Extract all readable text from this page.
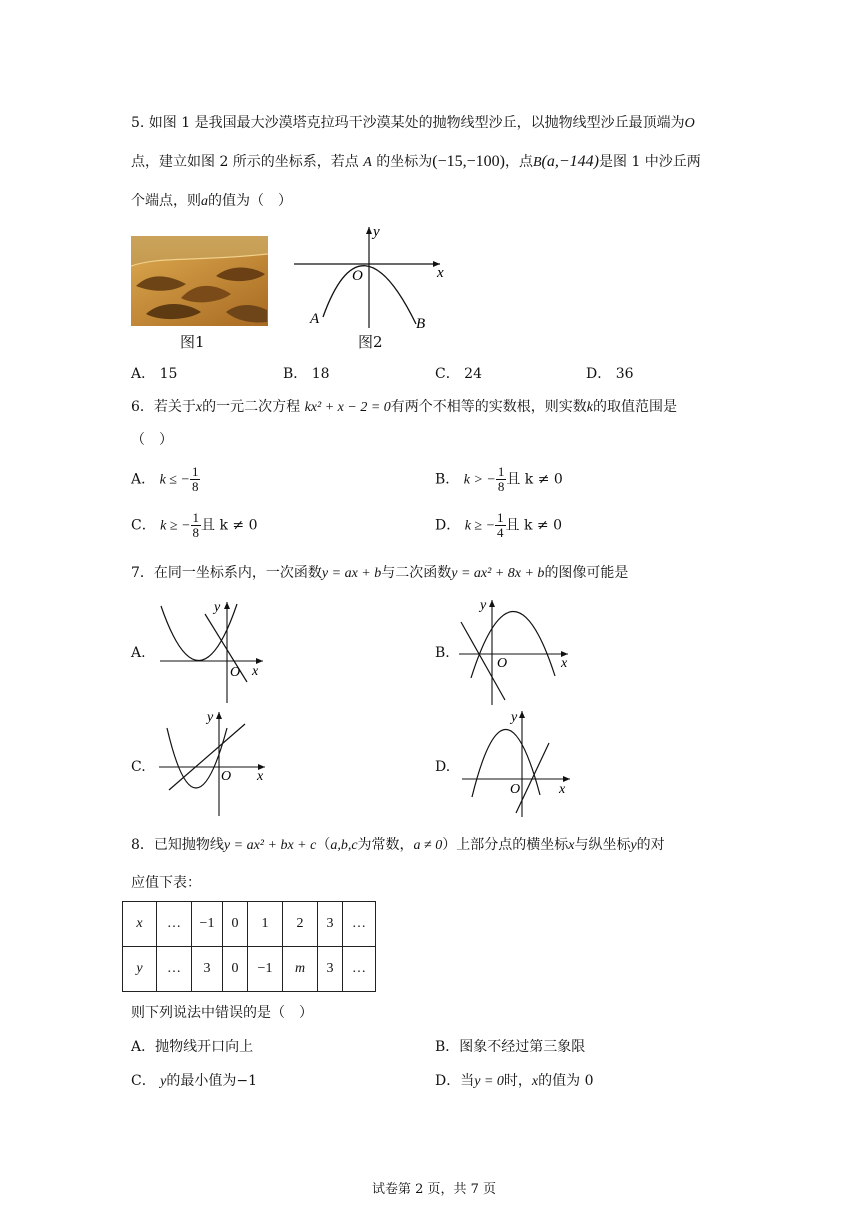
5. 如图 1 是我国最大沙漠塔克拉玛干沙漠某处的抛物线型沙丘，以抛物线型沙丘最顶端为O
点，建立如图 2 所示的坐标系，若点 A 的坐标为(−15,−100)，点B(a,−144)是图 1 中沙丘两
个端点，则a的值为（　）
图1
x
y
O
A	B
图2
A． 15	B． 18	C． 24	D． 36
6．若关于x的一元二次方程 kx² + x − 2 = 0有两个不相等的实数根，则实数k的取值范围是
（　）
A． k ≤ − $\frac{1}{8}$	B． k > − $\frac{1}{8}$ 且 k ≠ 0
C． k ≥ − $\frac{1}{8}$ 且 k ≠ 0	D． k ≥ − $\frac{1}{4}$ 且 k ≠ 0
7．在同一坐标系内，一次函数y = ax + b与二次函数y = ax² + 8x + b的图像可能是
A.
y
x
O
B.
y
x
O
C.
y
x
O
D.
y
x
O
8．已知抛物线y = ax² + bx + c（a,b,c为常数，a ≠ 0）上部分点的横坐标x与纵坐标y的对
应值下表：
x	…	−1	0	1	2	3	…
y	…	3	0	−1	m	3	…
则下列说法中错误的是（　）
A．抛物线开口向上	B．图象不经过第三象限
C． y的最小值为−1	D．当y = 0时，x的值为 0
试卷第 2 页，共 7 页
